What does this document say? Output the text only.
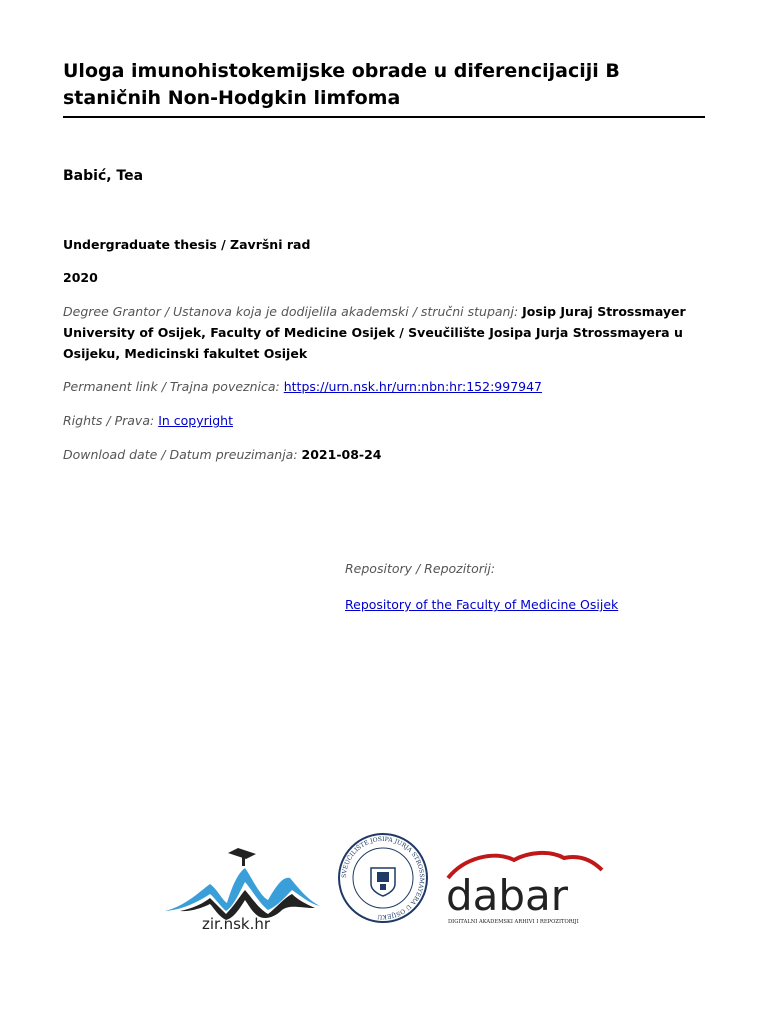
Uloga imunohistokemijske obrade u diferencijaciji B staničnih Non-Hodgkin limfoma
Babić, Tea
Undergraduate thesis / Završni rad
2020
Degree Grantor / Ustanova koja je dodijelila akademski / stručni stupanj: Josip Juraj Strossmayer University of Osijek, Faculty of Medicine Osijek / Sveučilište Josipa Jurja Strossmayera u Osijeku, Medicinski fakultet Osijek
Permanent link / Trajna poveznica: https://urn.nsk.hr/urn:nbn:hr:152:997947
Rights / Prava: In copyright
Download date / Datum preuzimanja: 2021-08-24
Repository / Repozitorij:
Repository of the Faculty of Medicine Osijek
zir.nsk.hr
SVEUČILIŠTE JOSIPA JURJA STROSSMAYERA U OSIJEKU	dabar
DIGITALNI AKADEMSKI ARHIVI I REPOZITORIJI
